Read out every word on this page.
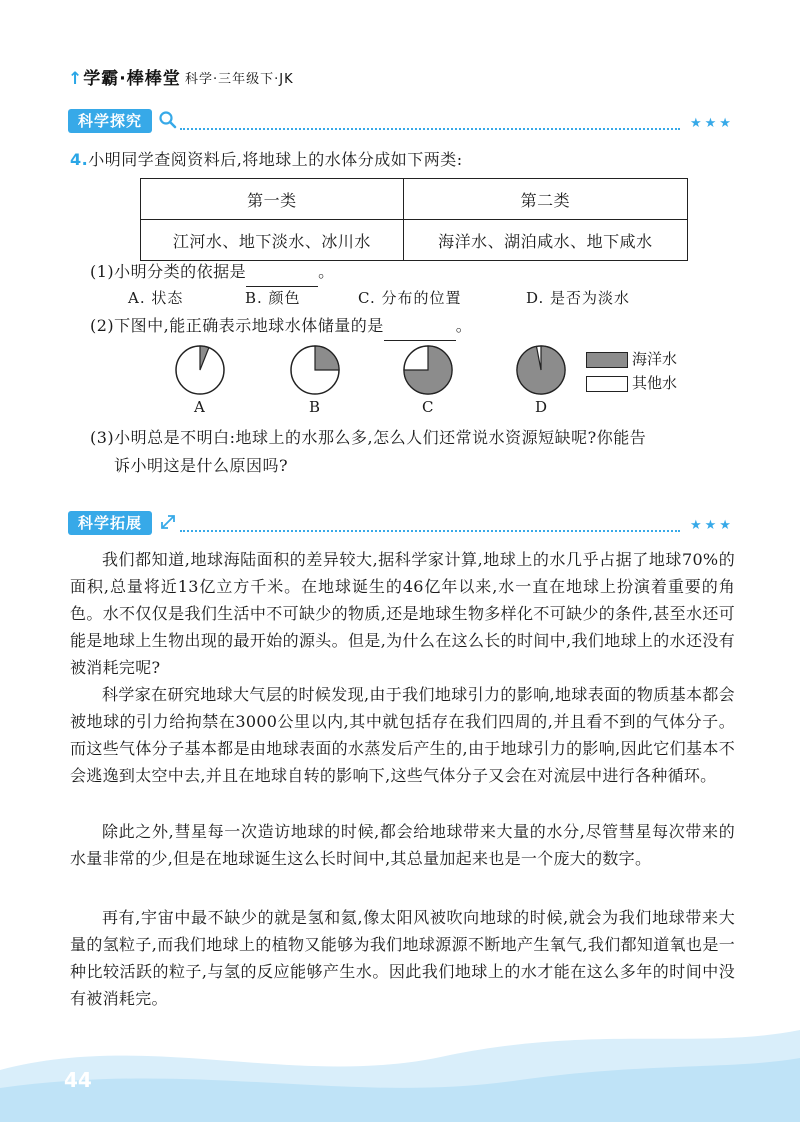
↑学霸·棒棒堂 科学·三年级下·JK
科学探究	★★★
4.小明同学查阅资料后,将地球上的水体分成如下两类:
第一类	第二类
江河水、地下淡水、冰川水	海洋水、湖泊咸水、地下咸水
(1)小明分类的依据是	。
A. 状态	B. 颜色	C. 分布的位置	D. 是否为淡水
(2)下图中,能正确表示地球水体储量的是	。
A	B	C	D
海洋水
其他水
(3)小明总是不明白:地球上的水那么多,怎么人们还常说水资源短缺呢?你能告
诉小明这是什么原因吗?
科学拓展	★★★
我们都知道,地球海陆面积的差异较大,据科学家计算,地球上的水几乎占据了地球70%的面积,总量将近13亿立方千米。在地球诞生的46亿年以来,水一直在地球上扮演着重要的角色。水不仅仅是我们生活中不可缺少的物质,还是地球生物多样化不可缺少的条件,甚至水还可能是地球上生物出现的最开始的源头。但是,为什么在这么长的时间中,我们地球上的水还没有被消耗完呢?
科学家在研究地球大气层的时候发现,由于我们地球引力的影响,地球表面的物质基本都会被地球的引力给拘禁在3000公里以内,其中就包括存在我们四周的,并且看不到的气体分子。而这些气体分子基本都是由地球表面的水蒸发后产生的,由于地球引力的影响,因此它们基本不会逃逸到太空中去,并且在地球自转的影响下,这些气体分子又会在对流层中进行各种循环。
除此之外,彗星每一次造访地球的时候,都会给地球带来大量的水分,尽管彗星每次带来的水量非常的少,但是在地球诞生这么长时间中,其总量加起来也是一个庞大的数字。
再有,宇宙中最不缺少的就是氢和氦,像太阳风被吹向地球的时候,就会为我们地球带来大量的氢粒子,而我们地球上的植物又能够为我们地球源源不断地产生氧气,我们都知道氧也是一种比较活跃的粒子,与氢的反应能够产生水。因此我们地球上的水才能在这么多年的时间中没有被消耗完。
44
